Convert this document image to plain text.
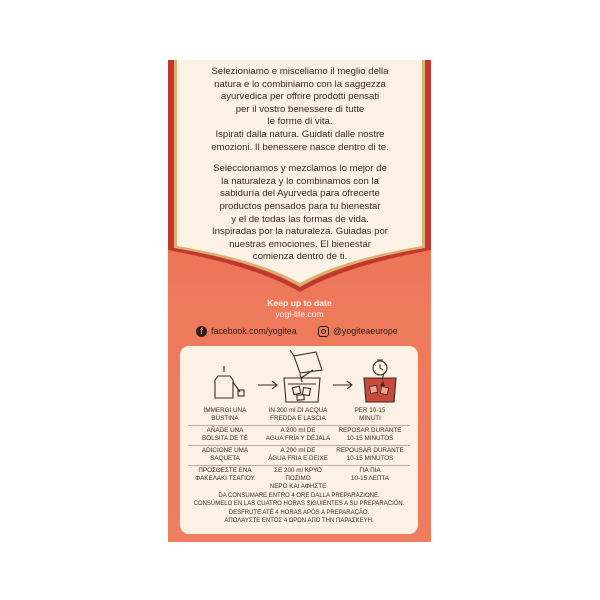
Selezioniamo e misceliamo il meglio della

natura e lo combiniamo con la saggezza

ayurvedica per offrire prodotti pensati

per il vostro benessere di tutte

le forme di vita.

Ispirati dalla natura. Guidati dalle nostre

emozioni. Il benessere nasce dentro di te.

Seleccionamos y mezclamos lo mejor de

la naturaleza y lo combinamos con la

sabiduría del Ayurveda para ofrecerte

productos pensados para tu bienestar

y el de todas las formas de vida.

Inspiradas por la naturaleza. Guiadas por

nuestras emociones. El bienestar

comienza dentro de ti.

Keep up to date
yogi-life.com
f facebook.com/yogitea	@yogiteaeurope
IMMERGI UNA
BUSTINA
AÑADE UNA
BOLSITA DE TÉ
ADICIONE UMA
SAQUETA
ΠΡΟΣΘΕΣΤΕ ΕΝΑ
ΦΑΚΕΛΑΚΙ ΤΣΑΓΙΟΥ
IN 200 ml DI ACQUA
FREDDA E LASCIA
A 200 ml DE
AGUA FRÍA Y DÉJALA
A 200 ml DE
ÁGUA FRIA E DEIXE
ΣΕ 200 ml ΚΡΥΟ ΠΟΣΙΜΟ
ΝΕΡΟ ΚΑΙ ΑΦΗΣΤΕ
PER 10-15
MINUTI
REPOSAR DURANTE
10-15 MINUTOS
REPOUSAR DURANTE
10-15 MINUTOS
ΓΙΑ ΠΙΑ
10-15 ΛΕΠΤΑ

DA CONSUMARE ENTRO 4 ORE DALLA PREPARAZIONE.

CONSÚMELO EN LAS CUATRO HORAS SIGUIENTES A SU PREPARACIÓN.

DESFRUTE ATÉ 4 HORAS APÓS A PREPARAÇÃO.

ΑΠΟΛΑΥΣΤΕ ΕΝΤΟΣ 4 ΩΡΩΝ ΑΠΟ ΤΗΝ ΠΑΡΑΣΚΕΥΗ.
